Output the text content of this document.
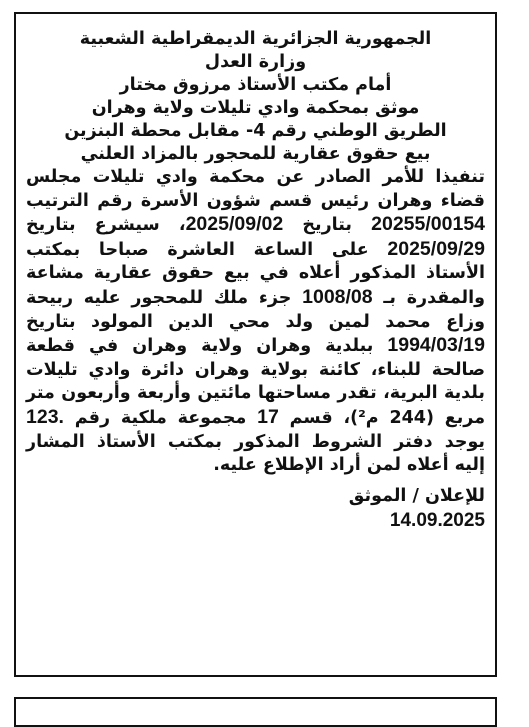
الجمهورية الجزائرية الديمقراطية الشعبية
وزارة العدل
أمام مكتب الأستاذ مرزوق مختار
موثق بمحكمة وادي تليلات ولاية وهران
الطريق الوطني رقم 4- مقابل محطة البنزين
بيع حقوق عقارية للمحجور بالمزاد العلني
تنفيذا للأمر الصادر عن محكمة وادي تليلات مجلس قضاء وهران رئيس قسم شؤون الأسرة رقم الترتيب 20255/00154 بتاريخ 2025/09/02، سيشرع بتاريخ 2025/09/29 على الساعة العاشرة صباحا بمكتب الأستاذ المذكور أعلاه في بيع حقوق عقارية مشاعة والمقدرة بـ 1008/08 جزء ملك للمحجور عليه ربيحة وزاع محمد لمين ولد محي الدين المولود بتاريخ 1994/03/19 ببلدية وهران ولاية وهران في قطعة صالحة للبناء، كائنة بولاية وهران دائرة وادي تليلات بلدية البرية، تقدر مساحتها مائتين وأربعة وأربعون متر مربع (244 م²)، قسم 17 مجموعة ملكية رقم .123 يوجد دفتر الشروط المذكور بمكتب الأستاذ المشار إليه أعلاه لمن أراد الإطلاع عليه.
للإعلان / الموثق
14.09.2025
